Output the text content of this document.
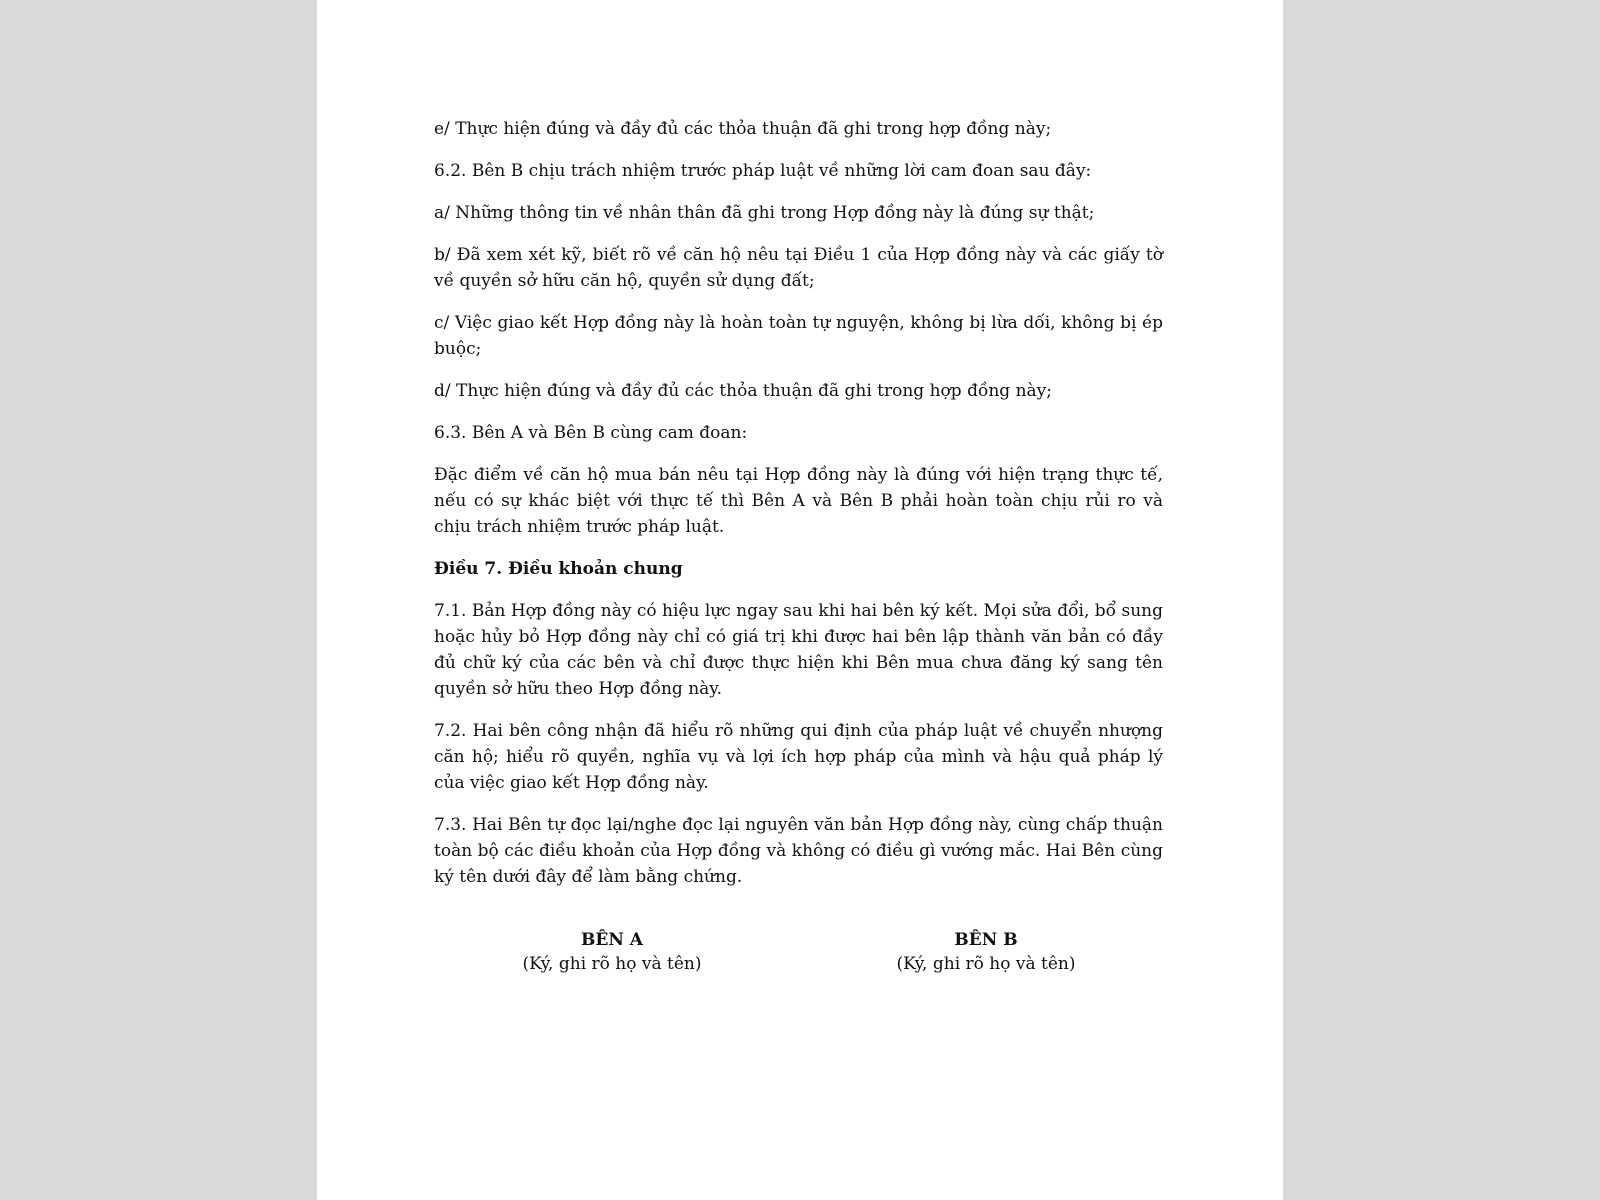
e/ Thực hiện đúng và đầy đủ các thỏa thuận đã ghi trong hợp đồng này;

6.2. Bên B chịu trách nhiệm trước pháp luật về những lời cam đoan sau đây:

a/ Những thông tin về nhân thân đã ghi trong Hợp đồng này là đúng sự thật;

b/ Đã xem xét kỹ, biết rõ về căn hộ nêu tại Điều 1 của Hợp đồng này và các giấy tờ về quyền sở hữu căn hộ, quyền sử dụng đất;

c/ Việc giao kết Hợp đồng này là hoàn toàn tự nguyện, không bị lừa dối, không bị ép buộc;

d/ Thực hiện đúng và đầy đủ các thỏa thuận đã ghi trong hợp đồng này;

6.3. Bên A và Bên B cùng cam đoan:

Đặc điểm về căn hộ mua bán nêu tại Hợp đồng này là đúng với hiện trạng thực tế, nếu có sự khác biệt với thực tế thì Bên A và Bên B phải hoàn toàn chịu rủi ro và chịu trách nhiệm trước pháp luật.

Điều 7. Điều khoản chung

7.1. Bản Hợp đồng này có hiệu lực ngay sau khi hai bên ký kết. Mọi sửa đổi, bổ sung hoặc hủy bỏ Hợp đồng này chỉ có giá trị khi được hai bên lập thành văn bản có đầy đủ chữ ký của các bên và chỉ được thực hiện khi Bên mua chưa đăng ký sang tên quyền sở hữu theo Hợp đồng này.

7.2. Hai bên công nhận đã hiểu rõ những qui định của pháp luật về chuyển nhượng căn hộ; hiểu rõ quyền, nghĩa vụ và lợi ích hợp pháp của mình và hậu quả pháp lý của việc giao kết Hợp đồng này.

7.3. Hai Bên tự đọc lại/nghe đọc lại nguyên văn bản Hợp đồng này, cùng chấp thuận toàn bộ các điều khoản của Hợp đồng và không có điều gì vướng mắc. Hai Bên cùng ký tên dưới đây để làm bằng chứng.

BÊN A
(Ký, ghi rõ họ và tên)
BÊN B
(Ký, ghi rõ họ và tên)
